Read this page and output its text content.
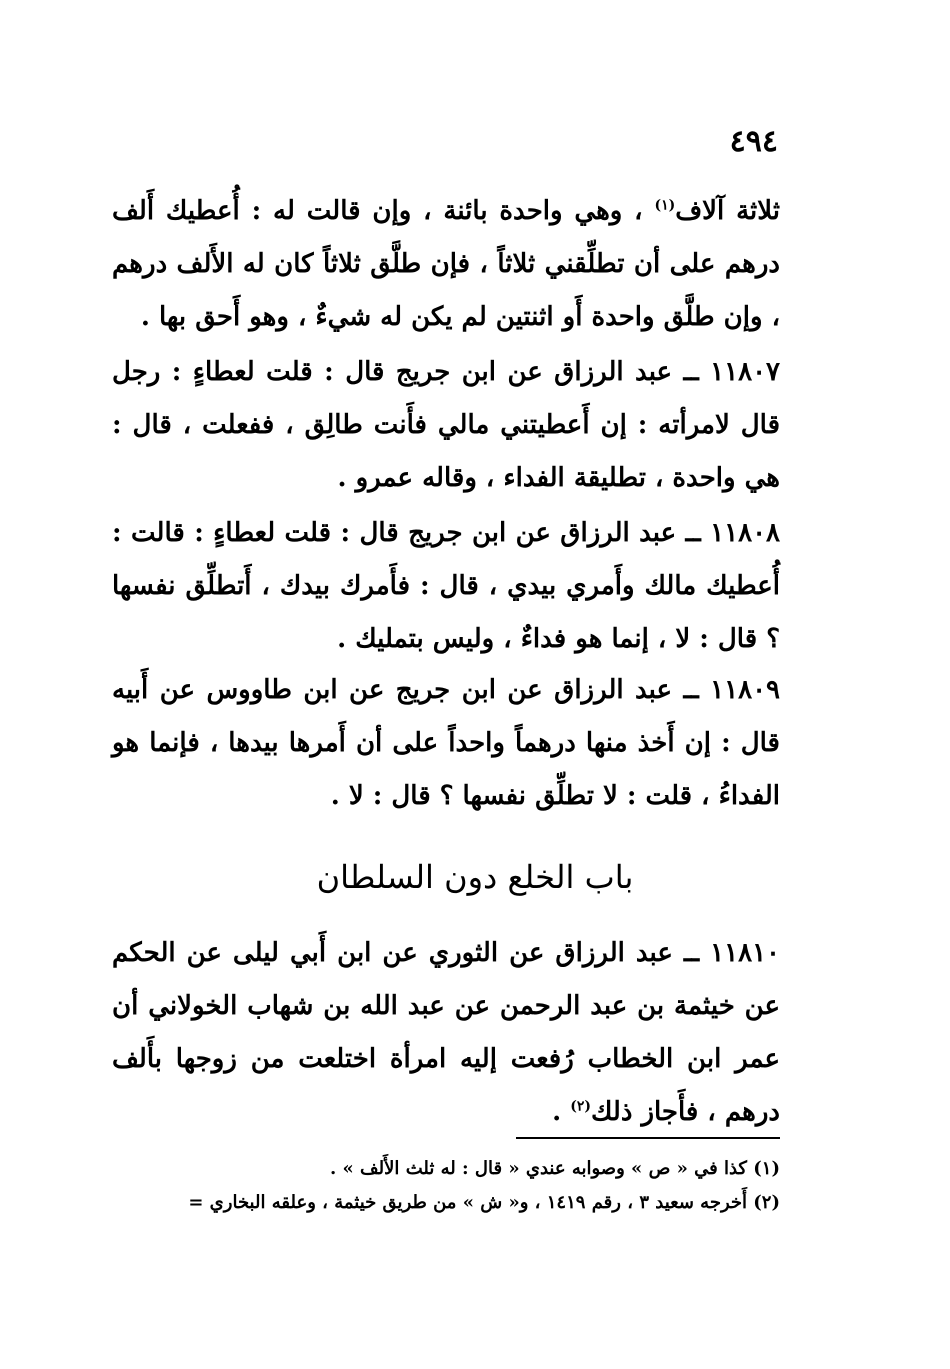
٤٩٤

ثلاثة آلاف$^{(١)}$ ، وهي واحدة بائنة ، وإن قالت له : أُعطيك أَلف درهم على أن تطلِّقني ثلاثاً ، فإن طلَّق ثلاثاً كان له الأَلف درهم ، وإن طلَّق واحدة أَو اثنتين لم يكن له شيءٌ ، وهو أَحق بها .

١١٨٠٧ ــ عبد الرزاق عن ابن جريج قال : قلت لعطاءٍ : رجل قال لامرأته : إن أَعطيتني مالي فأَنت طالِق ، ففعلت ، قال : هي واحدة ، تطليقة الفداء ، وقاله عمرو .

١١٨٠٨ ــ عبد الرزاق عن ابن جريج قال : قلت لعطاءٍ : قالت : أُعطيك مالك وأَمري بيدي ، قال : فأَمرك بيدك ، أَتطلِّق نفسها ؟ قال : لا ، إنما هو فداءٌ ، وليس بتمليك .

١١٨٠٩ ــ عبد الرزاق عن ابن جريج عن ابن طاووس عن أَبيه قال : إن أَخذ منها درهماً واحداً على أن أَمرها بيدها ، فإنما هو الفداءُ ، قلت : لا تطلِّق نفسها ؟ قال : لا .

باب الخلع دون السلطان

١١٨١٠ ــ عبد الرزاق عن الثوري عن ابن أَبي ليلى عن الحكم عن خيثمة بن عبد الرحمن عن عبد الله بن شهاب الخولاني أن عمر ابن الخطاب رُفعت إليه امرأة اختلعت من زوجها بأَلف درهم ، فأَجاز ذلك$^{(٢)}$ .

(١) كذا في « ص » وصوابه عندي « قال : له ثلث الأَلف » .
(٢) أَخرجه سعيد ٣ ، رقم ١٤١٩ ، و« ش » من طريق خيثمة ، وعلقه البخاري =
